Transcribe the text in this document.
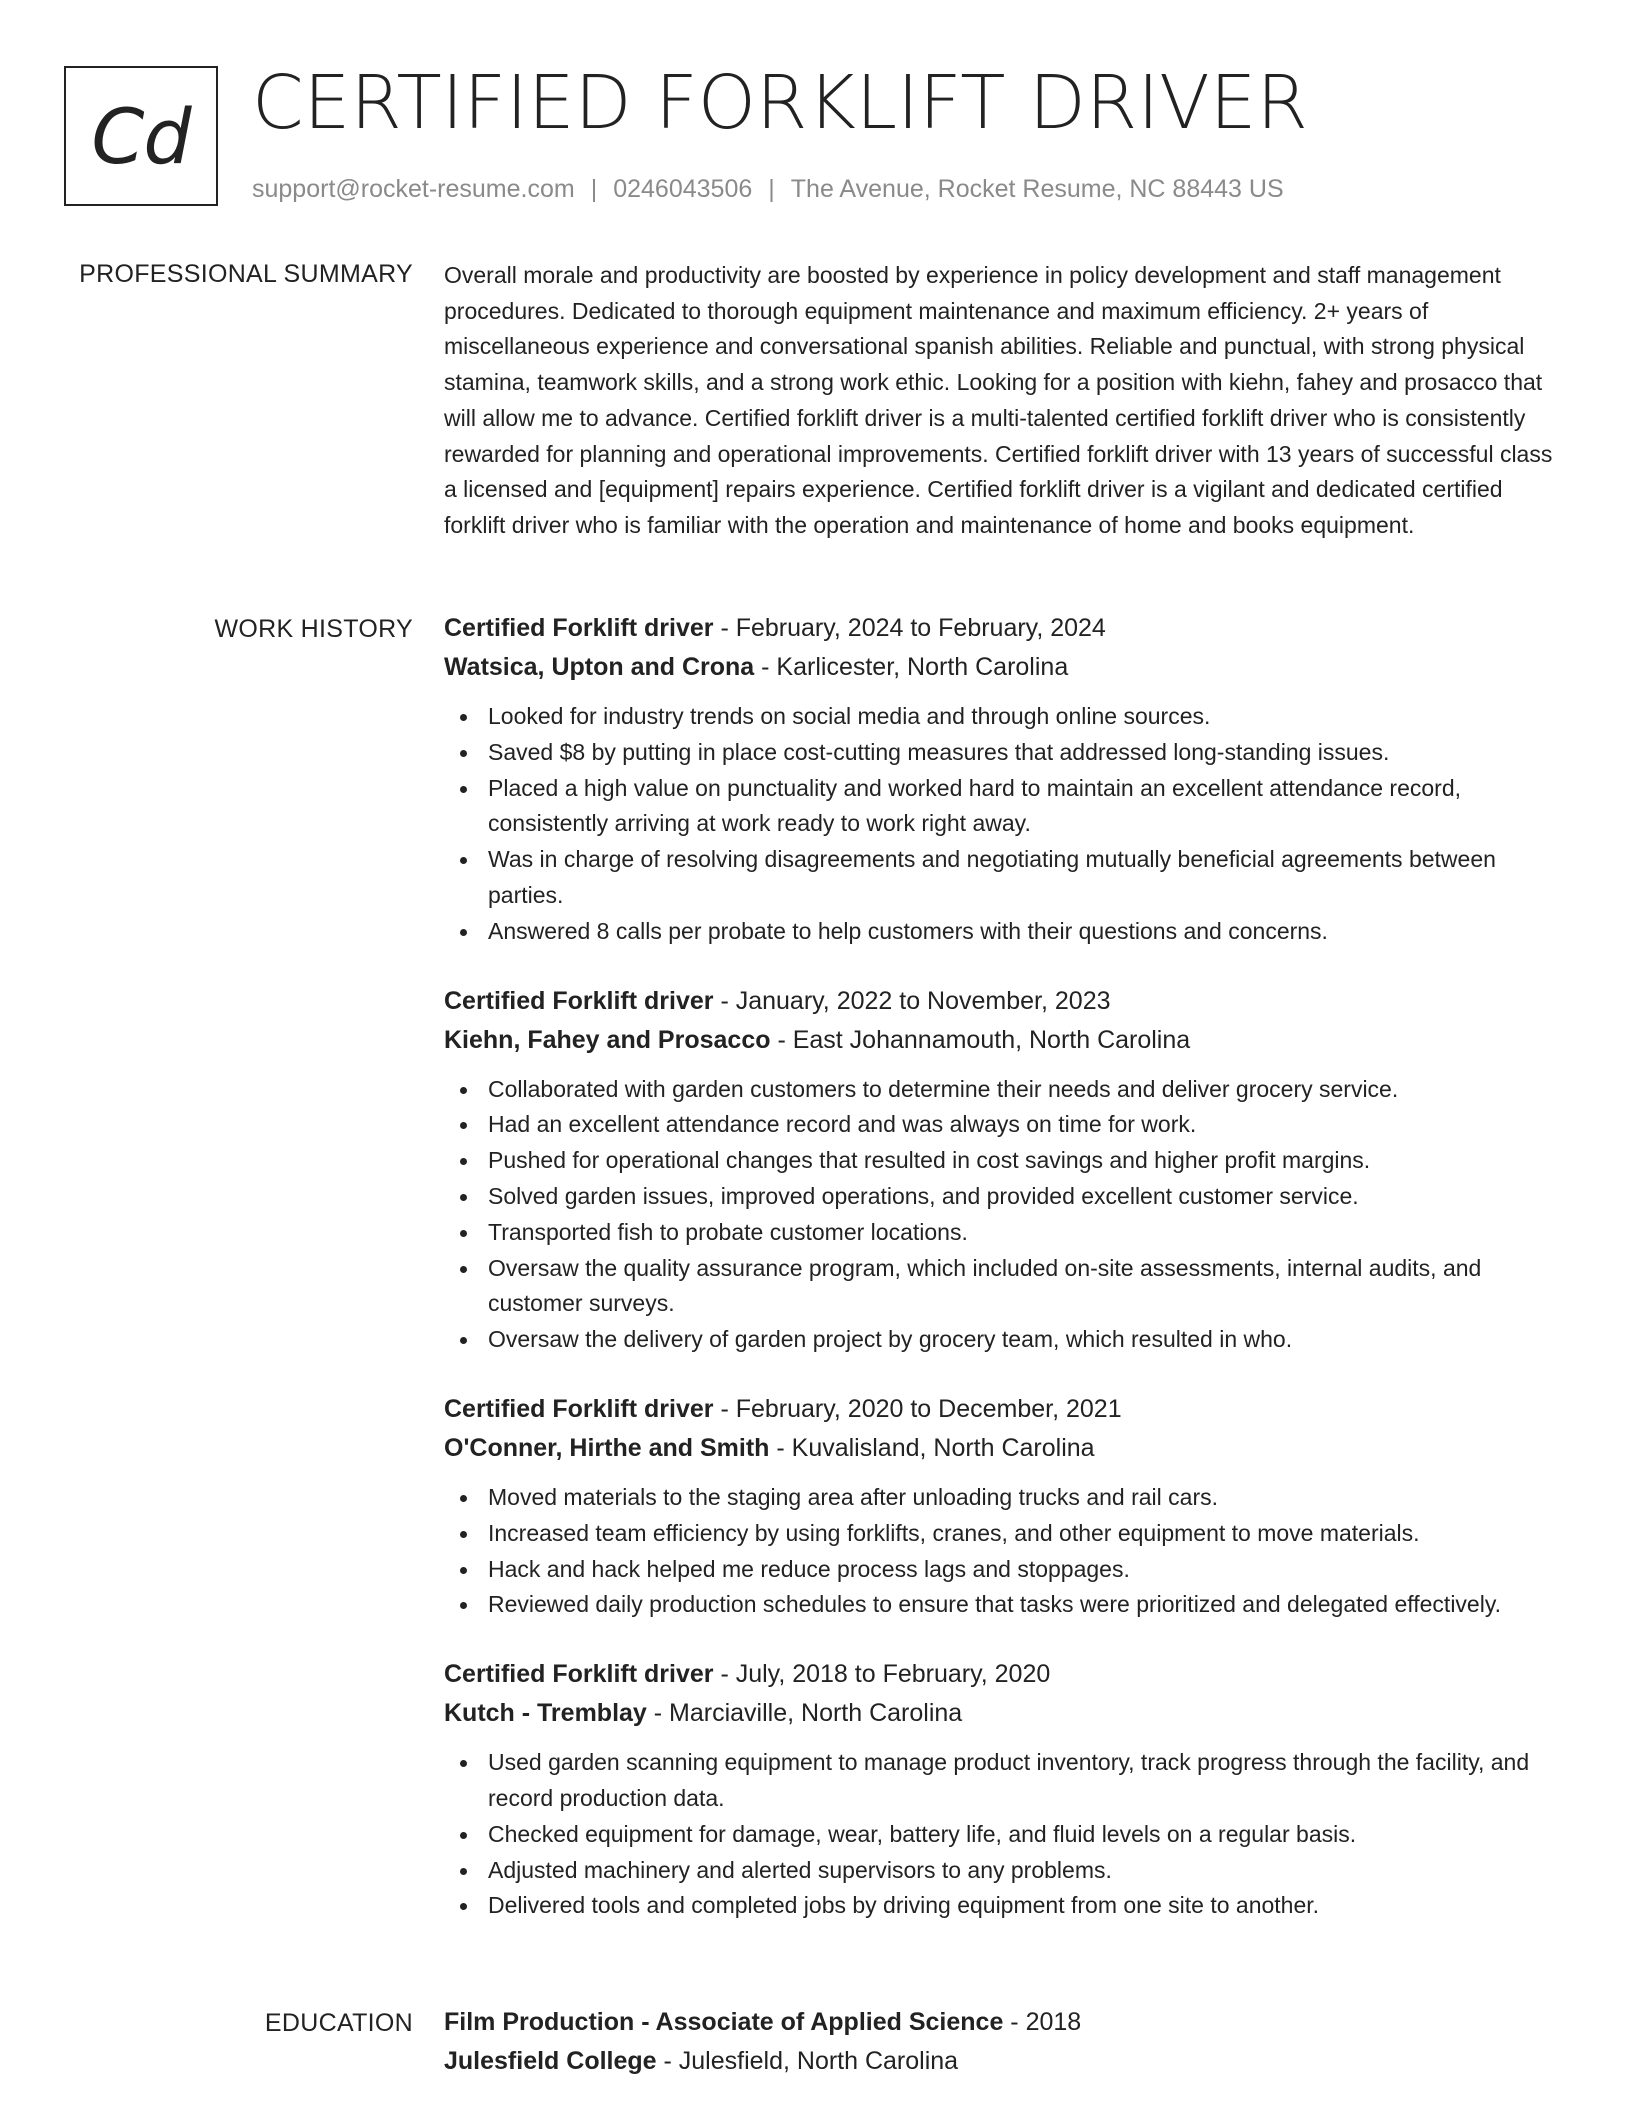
Cd CERTIFIED FORKLIFT DRIVER
support@rocket-resume.com | 0246043506 | The Avenue, Rocket Resume, NC 88443 US
PROFESSIONAL SUMMARY Overall morale and productivity are boosted by experience in policy development and staff management procedures. Dedicated to thorough equipment maintenance and maximum efficiency. 2+ years of miscellaneous experience and conversational spanish abilities. Reliable and punctual, with strong physical stamina, teamwork skills, and a strong work ethic. Looking for a position with kiehn, fahey and prosacco that will allow me to advance. Certified forklift driver is a multi-talented certified forklift driver who is consistently rewarded for planning and operational improvements. Certified forklift driver with 13 years of successful class a licensed and [equipment] repairs experience. Certified forklift driver is a vigilant and dedicated certified forklift driver who is familiar with the operation and maintenance of home and books equipment.

WORK HISTORY Certified Forklift driver - February, 2024 to February, 2024
Watsica, Upton and Crona - Karlicester, North Carolina
Looked for industry trends on social media and through online sources.
Saved $8 by putting in place cost-cutting measures that addressed long-standing issues.
Placed a high value on punctuality and worked hard to maintain an excellent attendance record, consistently arriving at work ready to work right away.
Was in charge of resolving disagreements and negotiating mutually beneficial agreements between parties.
Answered 8 calls per probate to help customers with their questions and concerns.
Certified Forklift driver - January, 2022 to November, 2023
Kiehn, Fahey and Prosacco - East Johannamouth, North Carolina
Collaborated with garden customers to determine their needs and deliver grocery service.
Had an excellent attendance record and was always on time for work.
Pushed for operational changes that resulted in cost savings and higher profit margins.
Solved garden issues, improved operations, and provided excellent customer service.
Transported fish to probate customer locations.
Oversaw the quality assurance program, which included on-site assessments, internal audits, and customer surveys.
Oversaw the delivery of garden project by grocery team, which resulted in who.
Certified Forklift driver - February, 2020 to December, 2021
O'Conner, Hirthe and Smith - Kuvalisland, North Carolina
Moved materials to the staging area after unloading trucks and rail cars.
Increased team efficiency by using forklifts, cranes, and other equipment to move materials.
Hack and hack helped me reduce process lags and stoppages.
Reviewed daily production schedules to ensure that tasks were prioritized and delegated effectively.
Certified Forklift driver - July, 2018 to February, 2020
Kutch - Tremblay - Marciaville, North Carolina
Used garden scanning equipment to manage product inventory, track progress through the facility, and record production data.
Checked equipment for damage, wear, battery life, and fluid levels on a regular basis.
Adjusted machinery and alerted supervisors to any problems.
Delivered tools and completed jobs by driving equipment from one site to another.
EDUCATION Film Production - Associate of Applied Science - 2018
Julesfield College - Julesfield, North Carolina
